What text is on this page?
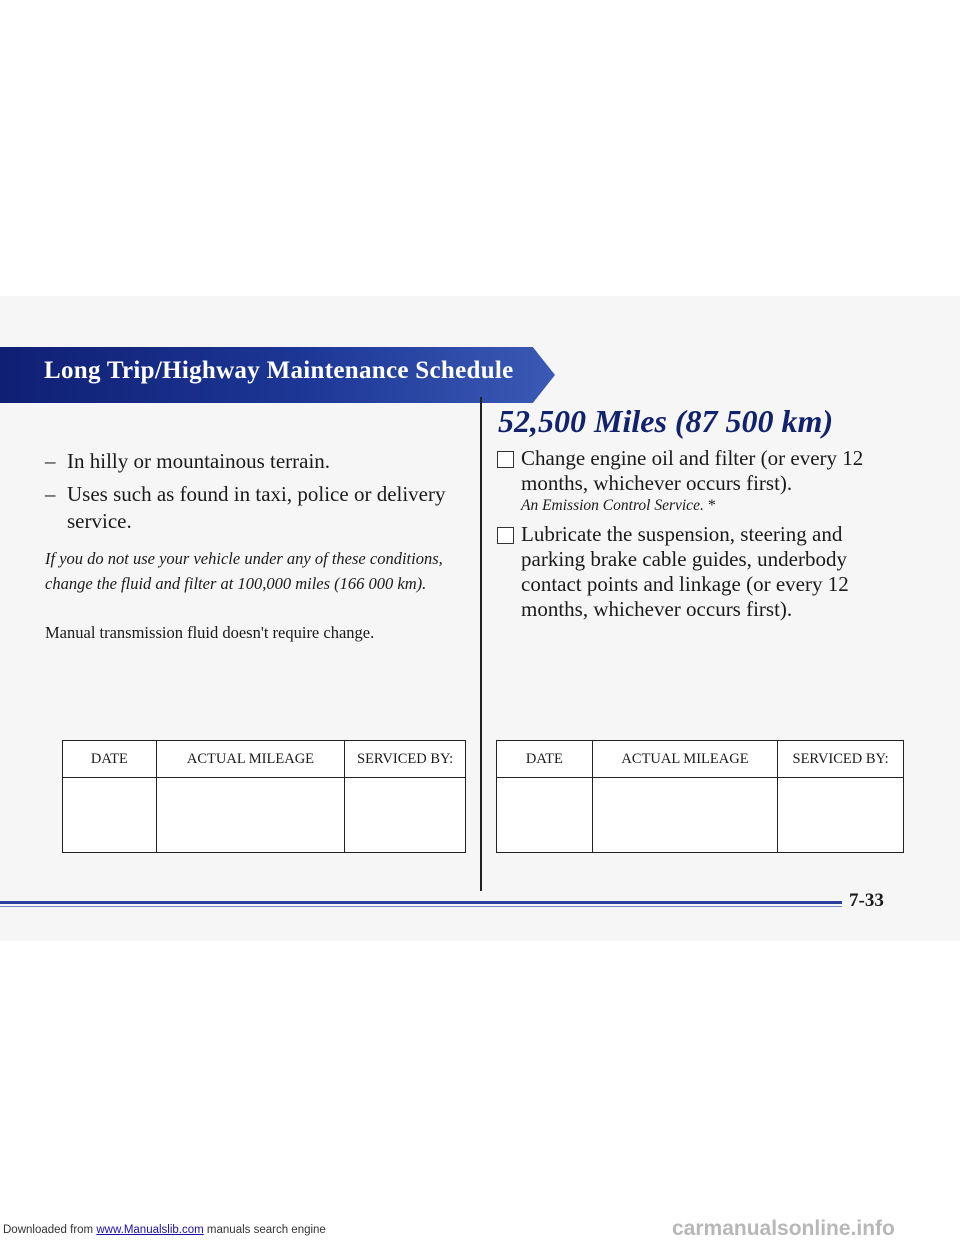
Long Trip/Highway Maintenance Schedule
– In hilly or mountainous terrain.
– Uses such as found in taxi, police or delivery service.
If you do not use your vehicle under any of these conditions, change the fluid and filter at 100,000 miles (166 000 km).
Manual transmission fluid doesn't require change.
52,500 Miles (87 500 km)
Change engine oil and filter (or every 12 months, whichever occurs first).
An Emission Control Service. *
Lubricate the suspension, steering and parking brake cable guides, underbody contact points and linkage (or every 12 months, whichever occurs first).
DATE	ACTUAL MILEAGE	SERVICED BY:
			DATE	ACTUAL MILEAGE	SERVICED BY:

7-33
Downloaded from www.Manualslib.com manuals search engine	carmanualsonline.info
